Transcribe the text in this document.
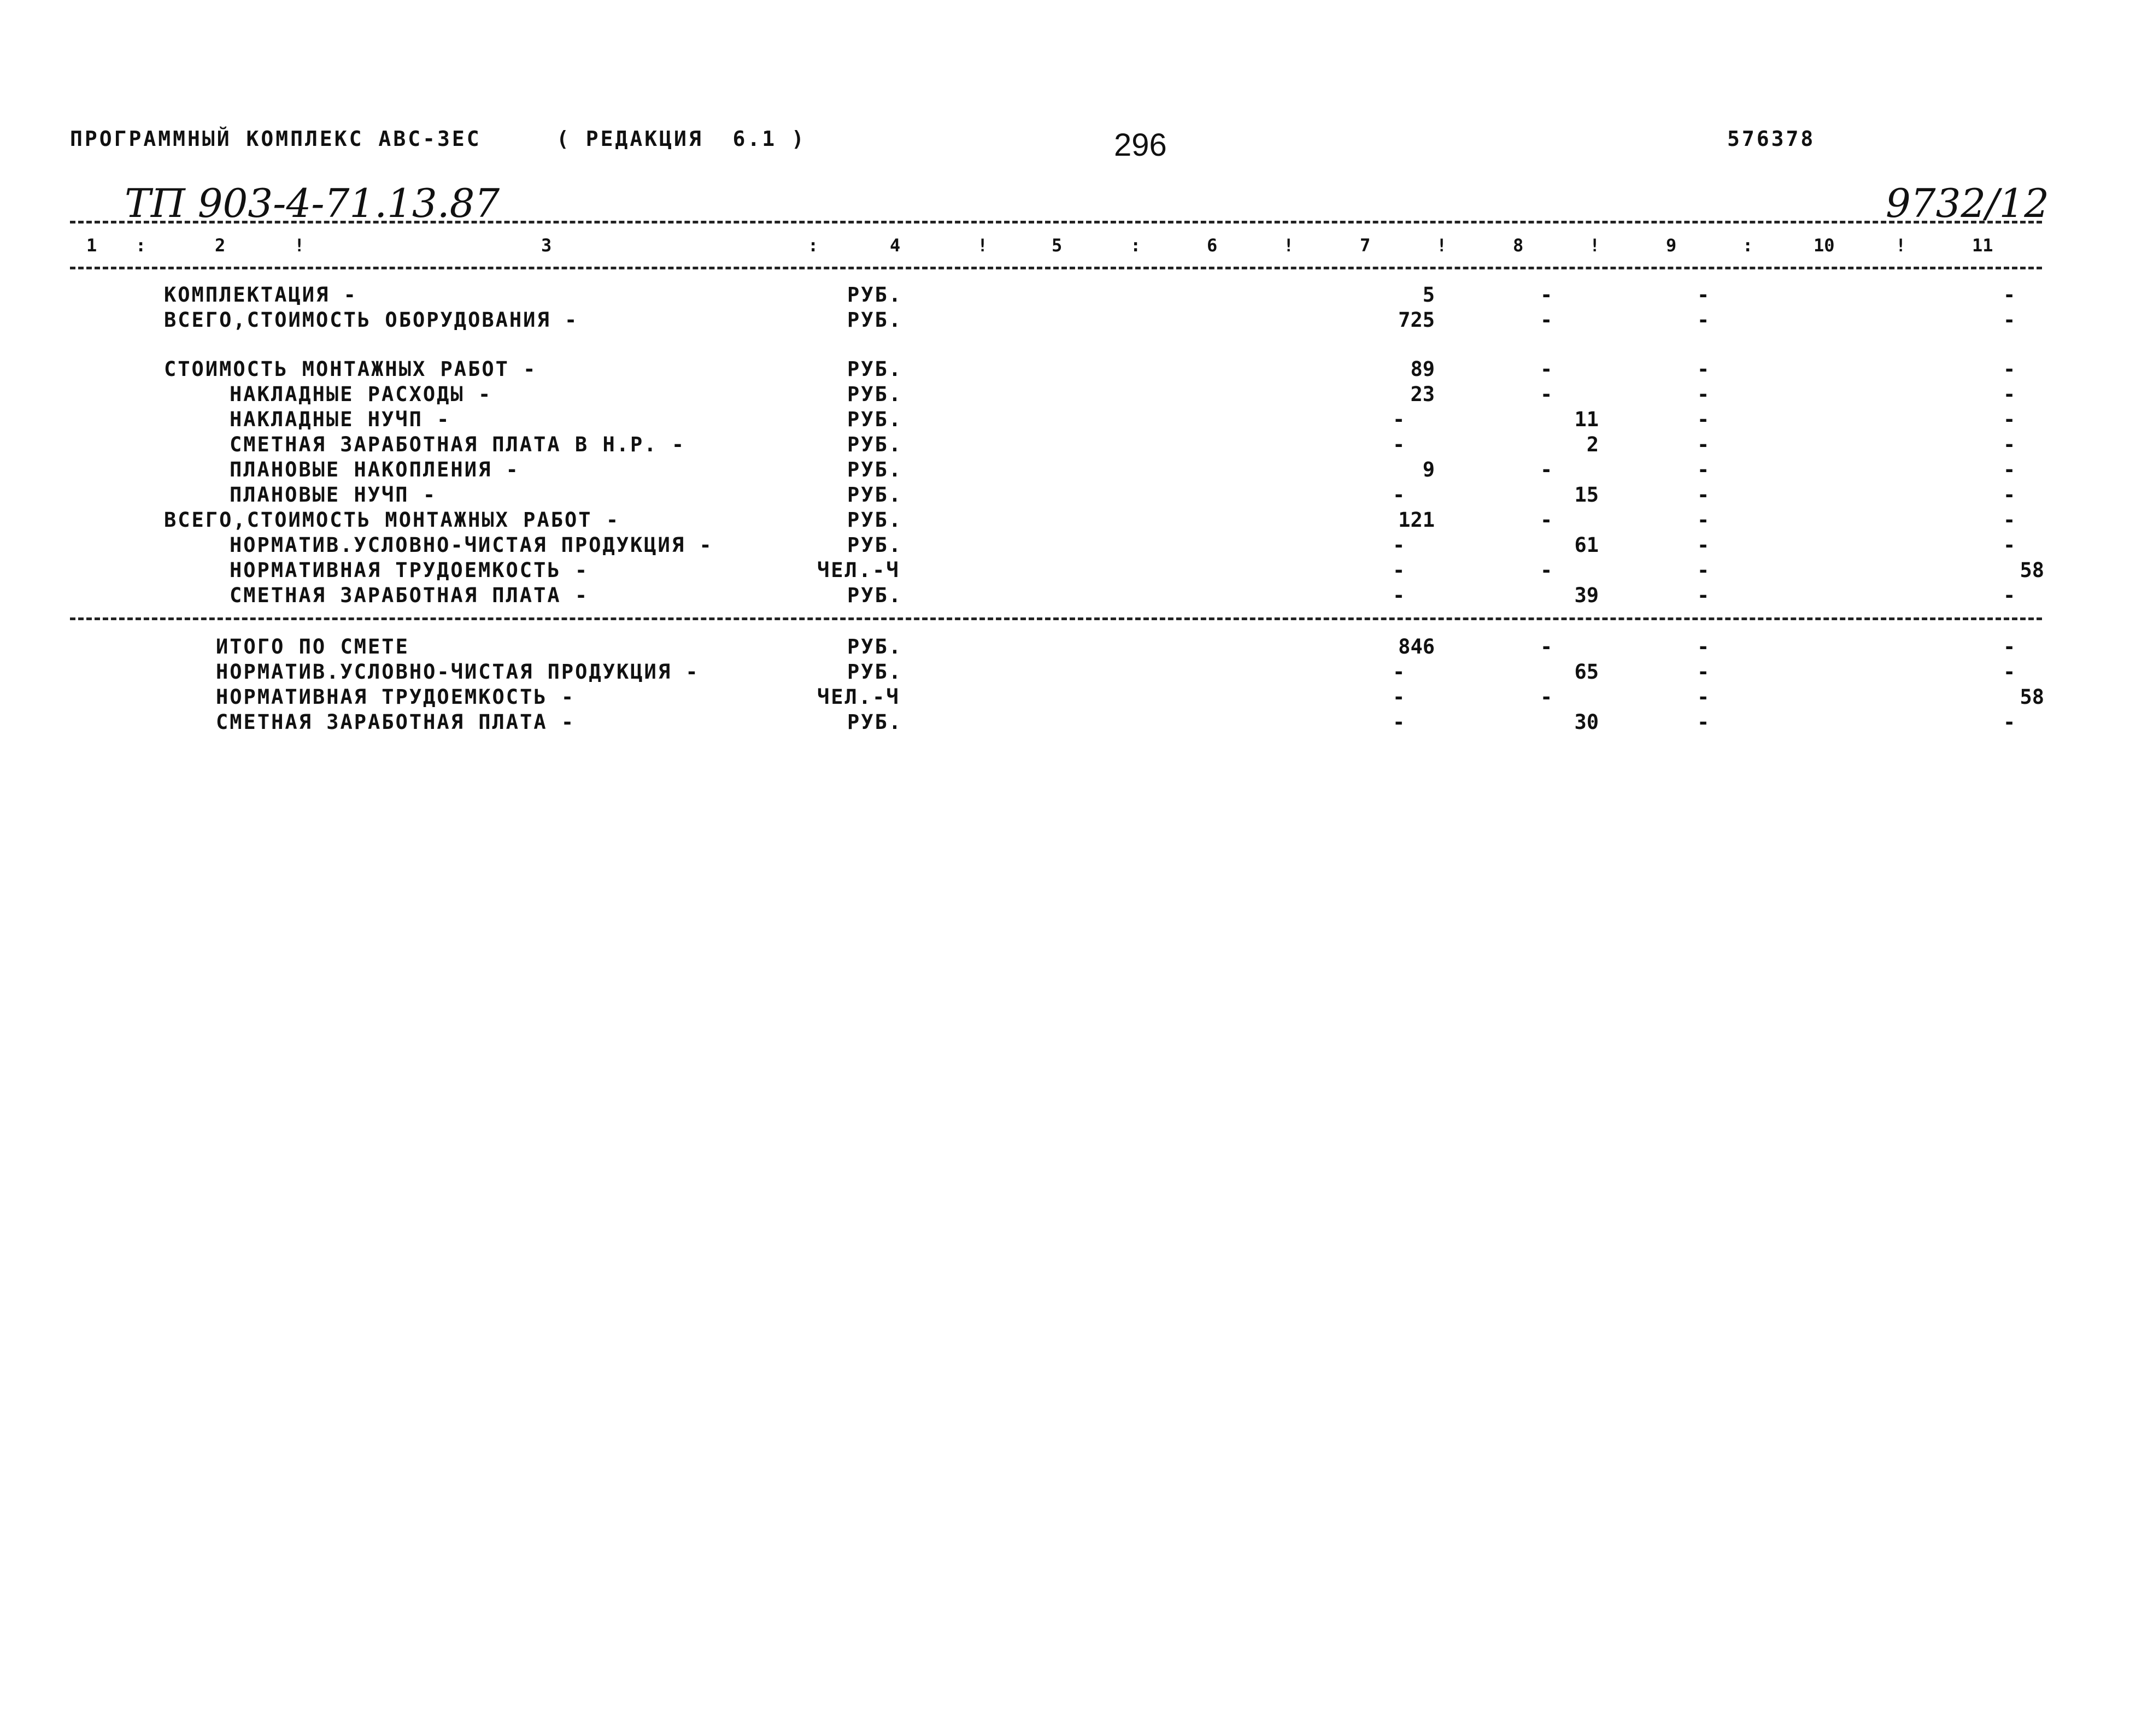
ПРОГРАММНЫЙ КОМПЛЕКС АВС-ЗЕС	( РЕДАКЦИЯ  6.1 )	296	576378
ТП 903-4-71.13.87	9732/12
1 :	2	!	3	:	4	!	5	:	6	!	7	!	8	!	9	:	10	!	11
КОМПЛЕКТАЦИЯ -	РУБ.	5	-	-	-
ВСЕГО,СТОИМОСТЬ ОБОРУДОВАНИЯ -	РУБ.	725	-	-	-
СТОИМОСТЬ МОНТАЖНЫХ РАБОТ -	РУБ.	89	-	-	-
НАКЛАДНЫЕ РАСХОДЫ -	РУБ.	23	-	-	-
НАКЛАДНЫЕ НУЧП -	РУБ.	-	11	-	-
СМЕТНАЯ ЗАРАБОТНАЯ ПЛАТА В Н.Р. -	РУБ.	-	2	-	-
ПЛАНОВЫЕ НАКОПЛЕНИЯ -	РУБ.	9	-	-	-
ПЛАНОВЫЕ НУЧП -	РУБ.	-	15	-	-
ВСЕГО,СТОИМОСТЬ МОНТАЖНЫХ РАБОТ -	РУБ.	121	-	-	-
НОРМАТИВ.УСЛОВНО-ЧИСТАЯ ПРОДУКЦИЯ -	РУБ.	-	61	-	-
НОРМАТИВНАЯ ТРУДОЕМКОСТЬ -	ЧЕЛ.-Ч	-	-	-	58
СМЕТНАЯ ЗАРАБОТНАЯ ПЛАТА -	РУБ.	-	39	-	-
ИТОГО ПО СМЕТЕ	РУБ.	846	-	-	-
НОРМАТИВ.УСЛОВНО-ЧИСТАЯ ПРОДУКЦИЯ -	РУБ.	-	65	-	-
НОРМАТИВНАЯ ТРУДОЕМКОСТЬ -	ЧЕЛ.-Ч	-	-	-	58
СМЕТНАЯ ЗАРАБОТНАЯ ПЛАТА -	РУБ.	-	30	-	-
